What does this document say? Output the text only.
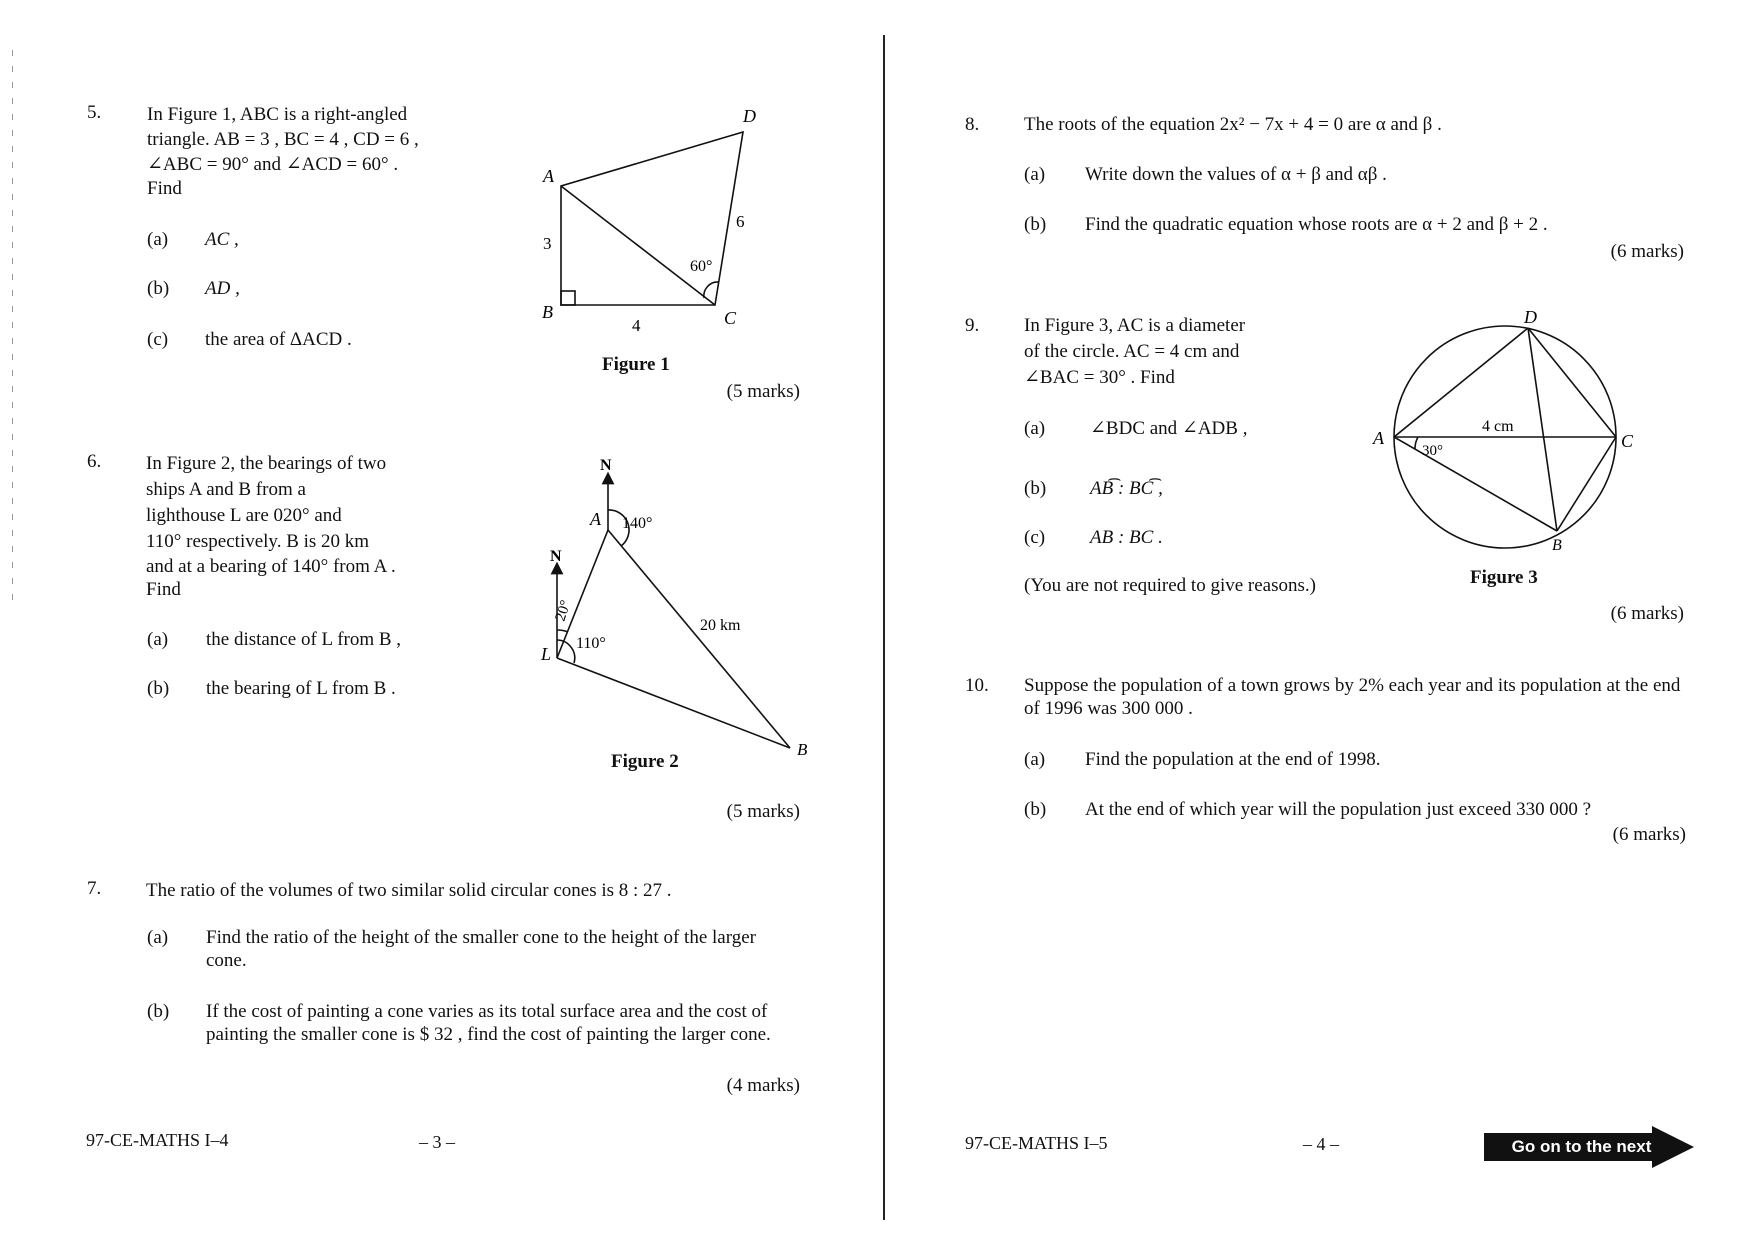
5. In Figure 1, ABC is a right-angled
triangle. AB = 3 , BC = 4 , CD = 6 ,
∠ABC = 90° and ∠ACD = 60° .
Find
(a) AC ,
(b) AD ,
(c) the area of ΔACD .
A
B	C
D
3
4
6
60°
Figure 1
(5 marks)
6. In Figure 2, the bearings of two
ships A and B from a
lighthouse L are 020° and
110° respectively. B is 20 km
and at a bearing of 140° from A .
Find
(a) the distance of L from B ,
(b) the bearing of L from B .
N
N
A
L
B
140°
20°
110°
20 km
Figure 2
(5 marks)
7. The ratio of the volumes of two similar solid circular cones is 8 : 27 .
(a) Find the ratio of the height of the smaller cone to the height of the larger cone.
(b) If the cost of painting a cone varies as its total surface area and the cost of painting the smaller cone is $ 32 , find the cost of painting the larger cone.
(4 marks)
97-CE-MATHS I–4	– 3 –
8. The roots of the equation 2x² − 7x + 4 = 0 are α and β .
(a) Write down the values of α + β and αβ .
(b) Find the quadratic equation whose roots are α + 2 and β + 2 .
(6 marks)
9. In Figure 3, AC is a diameter
of the circle. AC = 4 cm and
∠BAC = 30° . Find
(a) ∠BDC and ∠ADB ,
(b) AB͡ : BC͡ ,
(c) AB : BC .
(You are not required to give reasons.)
A
B
C
D
4 cm
30°
Figure 3
(6 marks)
10. Suppose the population of a town grows by 2% each year and its population at the end of 1996 was 300 000 .
(a) Find the population at the end of 1998.
(b) At the end of which year will the population just exceed 330 000 ?
(6 marks)
97-CE-MATHS I–5	– 4 –	Go on to the next page
